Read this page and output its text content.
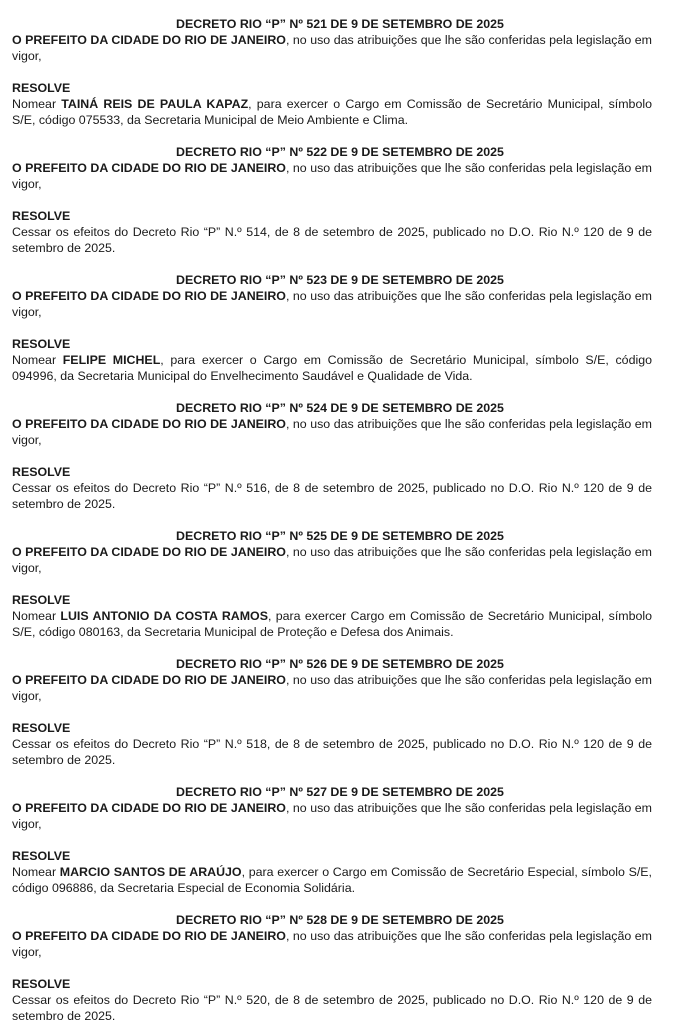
DECRETO RIO “P” Nº 521 DE 9 DE SETEMBRO DE 2025

O PREFEITO DA CIDADE DO RIO DE JANEIRO, no uso das atribuições que lhe são conferidas pela legislação em vigor,

RESOLVE

Nomear TAINÁ REIS DE PAULA KAPAZ, para exercer o Cargo em Comissão de Secretário Municipal, símbolo S/E, código 075533, da Secretaria Municipal de Meio Ambiente e Clima.

DECRETO RIO “P” Nº 522 DE 9 DE SETEMBRO DE 2025

O PREFEITO DA CIDADE DO RIO DE JANEIRO, no uso das atribuições que lhe são conferidas pela legislação em vigor,

RESOLVE

Cessar os efeitos do Decreto Rio “P” N.º 514, de 8 de setembro de 2025, publicado no D.O. Rio N.º 120 de 9 de setembro de 2025.

DECRETO RIO “P” Nº 523 DE 9 DE SETEMBRO DE 2025

O PREFEITO DA CIDADE DO RIO DE JANEIRO, no uso das atribuições que lhe são conferidas pela legislação em vigor,

RESOLVE

Nomear FELIPE MICHEL, para exercer o Cargo em Comissão de Secretário Municipal, símbolo S/E, código 094996, da Secretaria Municipal do Envelhecimento Saudável e Qualidade de Vida.

DECRETO RIO “P” Nº 524 DE 9 DE SETEMBRO DE 2025

O PREFEITO DA CIDADE DO RIO DE JANEIRO, no uso das atribuições que lhe são conferidas pela legislação em vigor,

RESOLVE

Cessar os efeitos do Decreto Rio “P” N.º 516, de 8 de setembro de 2025, publicado no D.O. Rio N.º 120 de 9 de setembro de 2025.

DECRETO RIO “P” Nº 525 DE 9 DE SETEMBRO DE 2025

O PREFEITO DA CIDADE DO RIO DE JANEIRO, no uso das atribuições que lhe são conferidas pela legislação em vigor,

RESOLVE

Nomear LUIS ANTONIO DA COSTA RAMOS, para exercer Cargo em Comissão de Secretário Municipal, símbolo S/E, código 080163, da Secretaria Municipal de Proteção e Defesa dos Animais.

DECRETO RIO “P” Nº 526 DE 9 DE SETEMBRO DE 2025

O PREFEITO DA CIDADE DO RIO DE JANEIRO, no uso das atribuições que lhe são conferidas pela legislação em vigor,

RESOLVE

Cessar os efeitos do Decreto Rio “P” N.º 518, de 8 de setembro de 2025, publicado no D.O. Rio N.º 120 de 9 de setembro de 2025.

DECRETO RIO “P” Nº 527 DE 9 DE SETEMBRO DE 2025

O PREFEITO DA CIDADE DO RIO DE JANEIRO, no uso das atribuições que lhe são conferidas pela legislação em vigor,

RESOLVE

Nomear MARCIO SANTOS DE ARAÚJO, para exercer o Cargo em Comissão de Secretário Especial, símbolo S/E, código 096886, da Secretaria Especial de Economia Solidária.

DECRETO RIO “P” Nº 528 DE 9 DE SETEMBRO DE 2025

O PREFEITO DA CIDADE DO RIO DE JANEIRO, no uso das atribuições que lhe são conferidas pela legislação em vigor,

RESOLVE

Cessar os efeitos do Decreto Rio “P” N.º 520, de 8 de setembro de 2025, publicado no D.O. Rio N.º 120 de 9 de setembro de 2025.
